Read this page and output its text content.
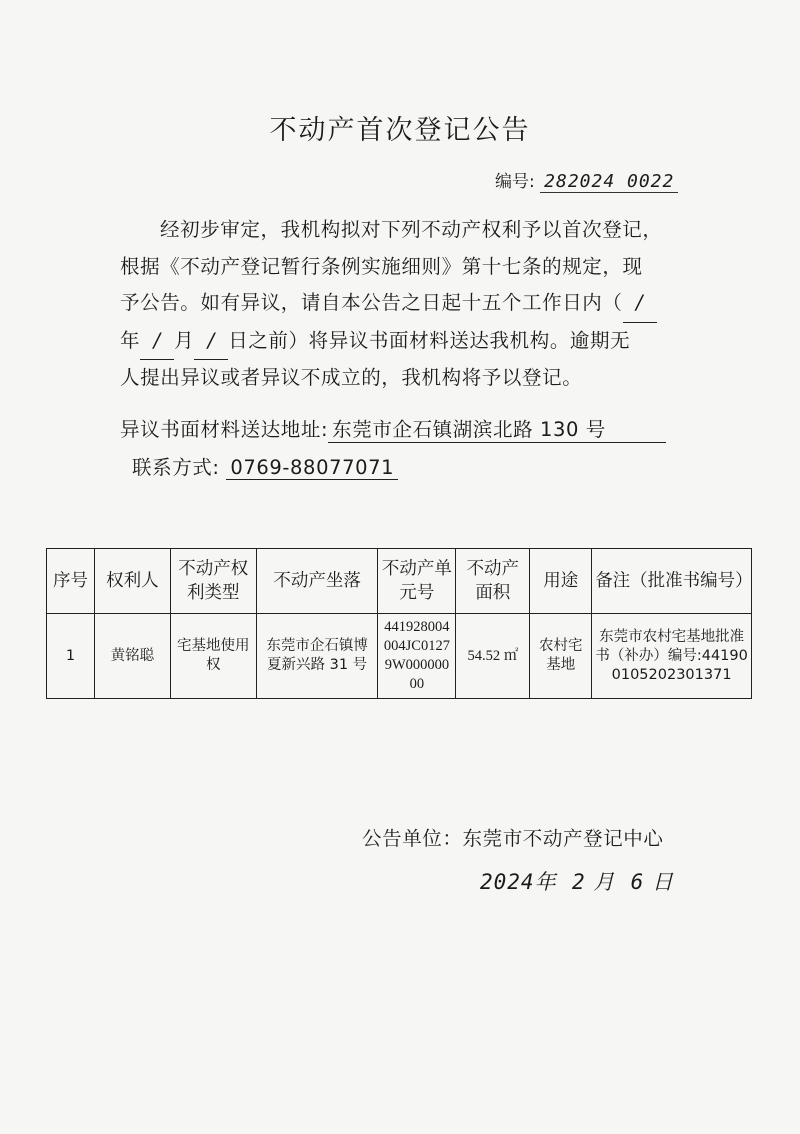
不动产首次登记公告
编号: 282024 0022
经初步审定，我机构拟对下列不动产权利予以首次登记，
根据《不动产登记暂行条例实施细则》第十七条的规定，现
予公告。如有异议，请自本公告之日起十五个工作日内（ /
年 / 月 / 日之前）将异议书面材料送达我机构。逾期无
人提出异议或者异议不成立的，我机构将予以登记。
异议书面材料送达地址: 东莞市企石镇湖滨北路 130 号
联系方式: 0769-88077071
序号	权利人	不动产权利类型	不动产坐落	不动产单元号	不动产面积	用途	备注（批准书编号）
1	黄铭聪	宅基地使用权	东莞市企石镇博夏新兴路 31 号	441928004004JC01279W00000000	54.52 ㎡	农村宅基地	东莞市农村宅基地批准书（补办）编号:441900105202301371
公告单位：东莞市不动产登记中心
2024年 2 月 6 日
